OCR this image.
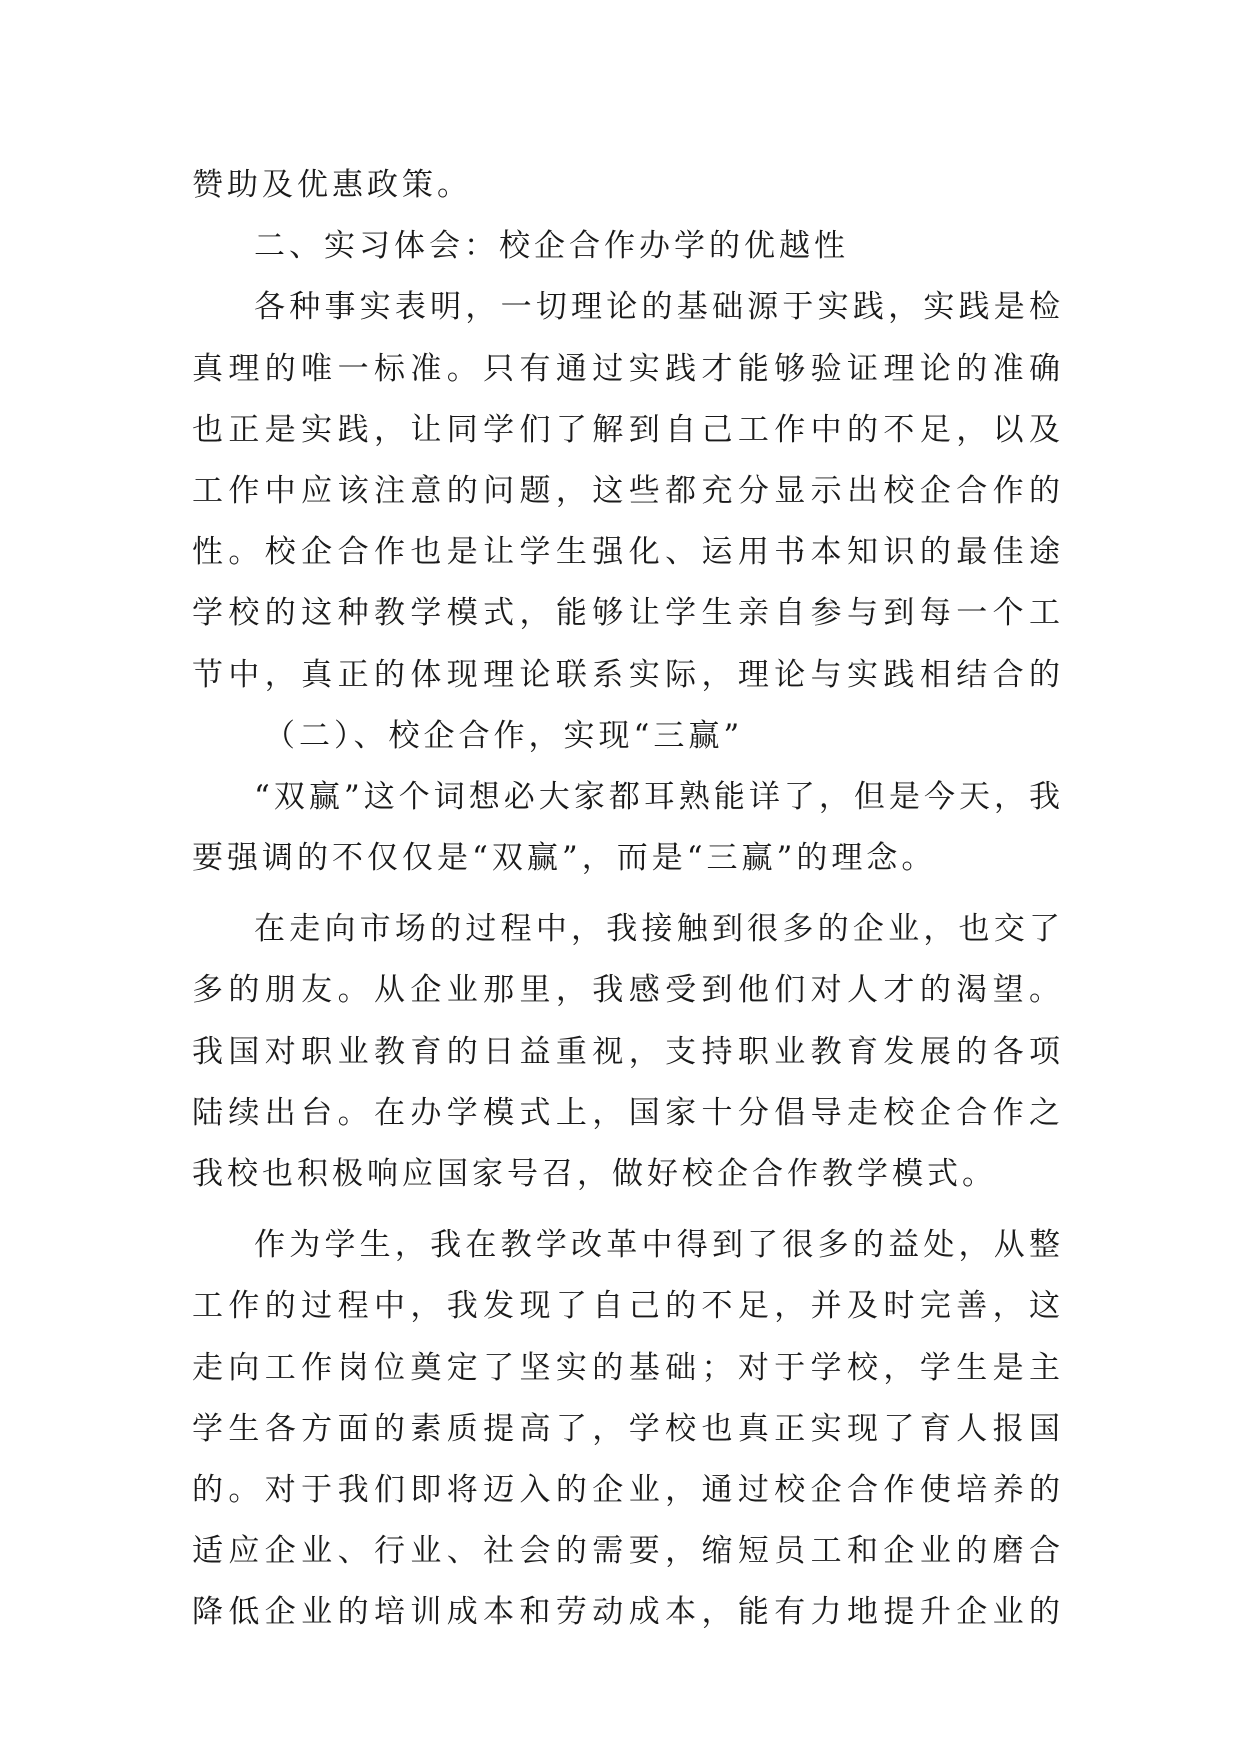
赞助及优惠政策。
二、实习体会：校企合作办学的优越性
各种事实表明，一切理论的基础源于实践，实践是检
真理的唯一标准。只有通过实践才能够验证理论的准确
也正是实践，让同学们了解到自己工作中的不足，以及
工作中应该注意的问题，这些都充分显示出校企合作的
性。校企合作也是让学生强化、运用书本知识的最佳途
学校的这种教学模式，能够让学生亲自参与到每一个工
节中，真正的体现理论联系实际，理论与实践相结合的
（二）、校企合作，实现“三赢”
“双赢”这个词想必大家都耳熟能详了，但是今天，我
要强调的不仅仅是“双赢”，而是“三赢”的理念。
在走向市场的过程中，我接触到很多的企业，也交了
多的朋友。从企业那里，我感受到他们对人才的渴望。
我国对职业教育的日益重视，支持职业教育发展的各项
陆续出台。在办学模式上，国家十分倡导走校企合作之
我校也积极响应国家号召，做好校企合作教学模式。
作为学生，我在教学改革中得到了很多的益处，从整
工作的过程中，我发现了自己的不足，并及时完善，这
走向工作岗位奠定了坚实的基础；对于学校，学生是主
学生各方面的素质提高了，学校也真正实现了育人报国
的。对于我们即将迈入的企业，通过校企合作使培养的
适应企业、行业、社会的需要，缩短员工和企业的磨合
降低企业的培训成本和劳动成本，能有力地提升企业的
